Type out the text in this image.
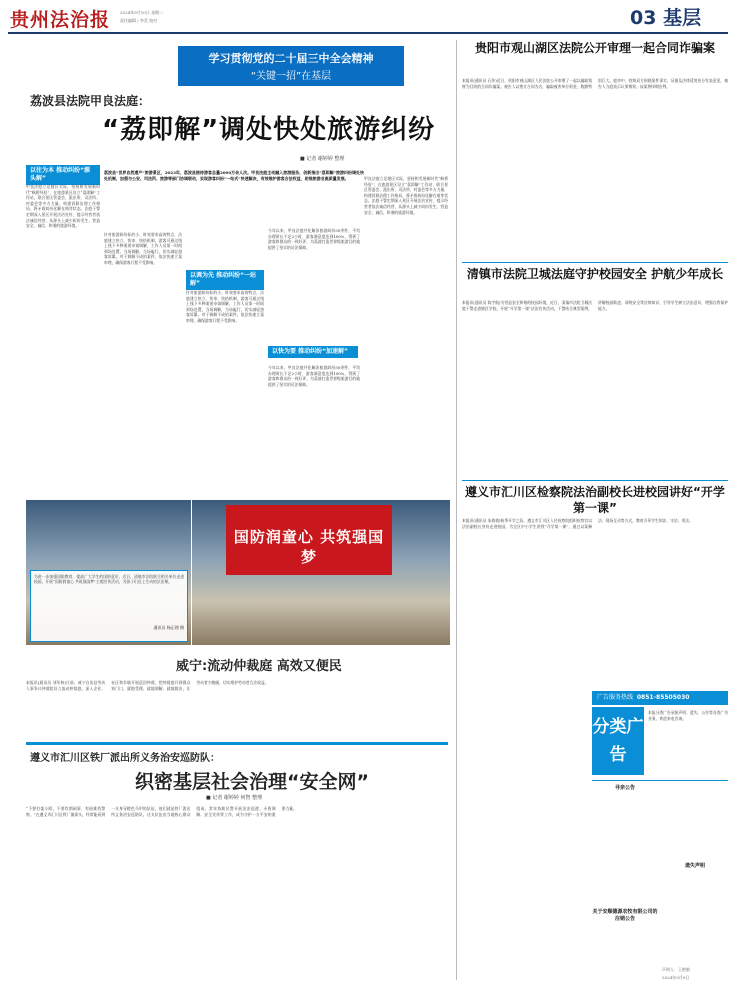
贵州法治报 2024年9月10日 星期二
责任编辑 / 李美 校对	03 基层
学习贯彻党的二十届三中全会精神
“关键一招”在基层
荔波县法院甲良法庭：
“荔即解”调处快处旅游纠纷
■ 记者 谢婷婷 整理
以往为本 推动纠纷“源头解”
甲良法庭立足辖区实际，坚持和发展新时代“枫桥经验”，在旅游景区设立“荔即解”工作站，联合景区管委会、派出所、司法所、村委会等多方力量，构建诉源治理工作格局，将矛盾纠纷化解在萌芽状态。法庭干警定期深入景区开展法治宣传，提示经营者依法诚信经营，从源头上减少纠纷发生，营造安全、诚信、和谐的旅游环境。
荔波县“世界自然遗产”旅游景区，2023年，荔波县接待游客总量2000万余人次。甲良法庭主动融入旅游服务，创新推出“荔即解”旅游纠纷调处快处机制，加强与公安、司法所、旅游等部门协调联动，实现游客纠纷“一站式”快速解决，有效维护游客合法权益，助推旅游业高质量发展。
以调为先 推动纠纷“一站解”
针对旅游纠纷标的小、时效要求高的特点，法庭建立快立、快审、快结机制，游客可通过线上线下多种渠道申请调解，工作人员第一时间到场处置，当场调解，当场履行，切实减轻游客诉累。对于调解不成的案件，依法快速立案审理，确保游客行程不受影响。
针对旅游纠纷标的小、时效要求高的特点，法庭建立快立、快审、快结机制，游客可通过线上线下多种渠道申请调解，工作人员第一时间到场处置，当场调解，当场履行，切实减轻游客诉累。对于调解不成的案件，依法快速立案审理，确保游客行程不受影响。
以快为要 推动纠纷“加速解”
今年以来，甲良法庭共化解涉旅游纠纷50余件，平均办理时长不足2小时，游客满意度达到100%，得到了游客和群众的一致好评，为荔波打造世界级旅游目的地提供了坚实的司法保障。
今年以来，甲良法庭共化解涉旅游纠纷50余件，平均办理时长不足2小时，游客满意度达到100%，得到了游客和群众的一致好评，为荔波打造世界级旅游目的地提供了坚实的司法保障。
甲良法庭立足辖区实际，坚持和发展新时代“枫桥经验”，在旅游景区设立“荔即解”工作站，联合景区管委会、派出所、司法所、村委会等多方力量，构建诉源治理工作格局，将矛盾纠纷化解在萌芽状态。法庭干警定期深入景区开展法治宣传，提示经营者依法诚信经营，从源头上减少纠纷发生，营造安全、诚信、和谐的旅游环境。
国防润童心 共筑强国梦
为进一步加强国防教育，提高广大学生的国防意识，近日，清镇市法院联合相关单位走进校园，开展“国防润童心 共筑强国梦”主题宣传活动，为孩子们送上生动的法治课。
通讯员 杨正理 摄
威宁:流动仲裁庭 高效又便民
本报讯(通讯员 刘军林)日前，威宁自治县劳动人事争议仲裁院设立流动仲裁庭，深入企业、社区和乡镇开展巡回仲裁，把仲裁庭开到群众家门口，就地受理、就地调解、就地裁决，让劳动者少跑腿，切实维护劳动者合法权益。
遵义市汇川区铁厂派出所义务治安巡防队：
织密基层社会治理“安全网”
■ 记者 谢婷婷 何智 整理
“不要打架斗殴，不要饮酒闹事，有困难找警察。”在遵义市汇川区铁厂镇街头，经常能看到一支身穿橙色马甲的队伍，他们就是铁厂派出所义务治安巡防队。这支队伍由当地热心群众组成，常年协助民警开展治安巡逻、矛盾调解、安全宣传等工作，成为守护一方平安的重要力量。
贵阳市观山湖区法院公开审理一起合同诈骗案
本报讯(通讯员 石莎)近日，贵阳市观山湖区人民法院公开审理了一起以骗取钱财为目的的合同诈骗案。被告人以签订合同为名，骗取被害单位资金，数额特别巨大。庭审中，控辩双方围绕案件事实、证据及法律适用充分发表意见，被告人当庭表示认罪悔罪。该案将择期宣判。
清镇市法院卫城法庭守护校园安全 护航少年成长
本报讯(通讯员 陈宇航)为营造安全和谐的校园环境，近日，清镇市法院卫城法庭干警走进辖区学校，开展“开学第一课”法治宣传活动。干警结合典型案例，讲解校园欺凌、网络安全等法律知识，引导学生树立法治意识，增强自我保护能力。
遵义市汇川区检察院法治副校长进校园讲好“开学第一课”
本报讯(通讯员 朱倩倩)秋季开学之际，遵义市汇川区人民检察院组织检察官以法治副校长身份走进校园，为全区中小学生讲授“开学第一课”，通过以案释法、现场互动等方式，教育引导学生知法、守法、用法。
广告服务热线 0851-85505030
分类广告
本报分类广告承接声明、遗失、公告等各类广告业务，欢迎来电咨询。
寻亲公告
遗失声明
关于安顺德源农牧有限公司的注销公告
声明人：王艳敏
2024年9月9日
